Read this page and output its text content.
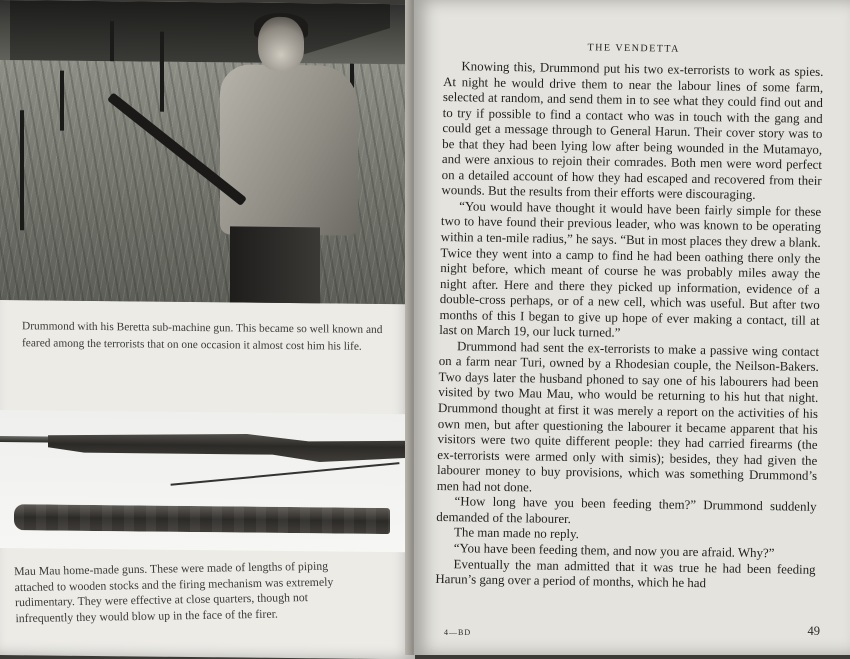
Drummond with his Beretta sub-machine gun. This became so well known and feared among the terrorists that on one occasion it almost cost him his life.
Mau Mau home-made guns. These were made of lengths of piping attached to wooden stocks and the firing mechanism was extremely rudimentary. They were effective at close quarters, though not infrequently they would blow up in the face of the firer.
THE VENDETTA

Knowing this, Drummond put his two ex-terrorists to work as spies. At night he would drive them to near the labour lines of some farm, selected at random, and send them in to see what they could find out and to try if possible to find a contact who was in touch with the gang and could get a message through to General Harun. Their cover story was to be that they had been lying low after being wounded in the Mutamayo, and were anxious to rejoin their comrades. Both men were word perfect on a detailed account of how they had escaped and recovered from their wounds. But the results from their efforts were discouraging.

“You would have thought it would have been fairly simple for these two to have found their previous leader, who was known to be operating within a ten-mile radius,” he says. “But in most places they drew a blank. Twice they went into a camp to find he had been oathing there only the night before, which meant of course he was probably miles away the night after. Here and there they picked up information, evidence of a double-cross perhaps, or of a new cell, which was useful. But after two months of this I began to give up hope of ever making a contact, till at last on March 19, our luck turned.”

Drummond had sent the ex-terrorists to make a passive wing contact on a farm near Turi, owned by a Rhodesian couple, the Neilson-Bakers. Two days later the husband phoned to say one of his labourers had been visited by two Mau Mau, who would be returning to his hut that night. Drummond thought at first it was merely a report on the activities of his own men, but after questioning the labourer it became apparent that his visitors were two quite different people: they had carried firearms (the ex-terrorists were armed only with simis); besides, they had given the labourer money to buy provisions, which was something Drummond’s men had not done.

“How long have you been feeding them?” Drummond suddenly demanded of the labourer.

The man made no reply.

“You have been feeding them, and now you are afraid. Why?”

Eventually the man admitted that it was true he had been feeding Harun’s gang over a period of months, which he had

4—BD	49
